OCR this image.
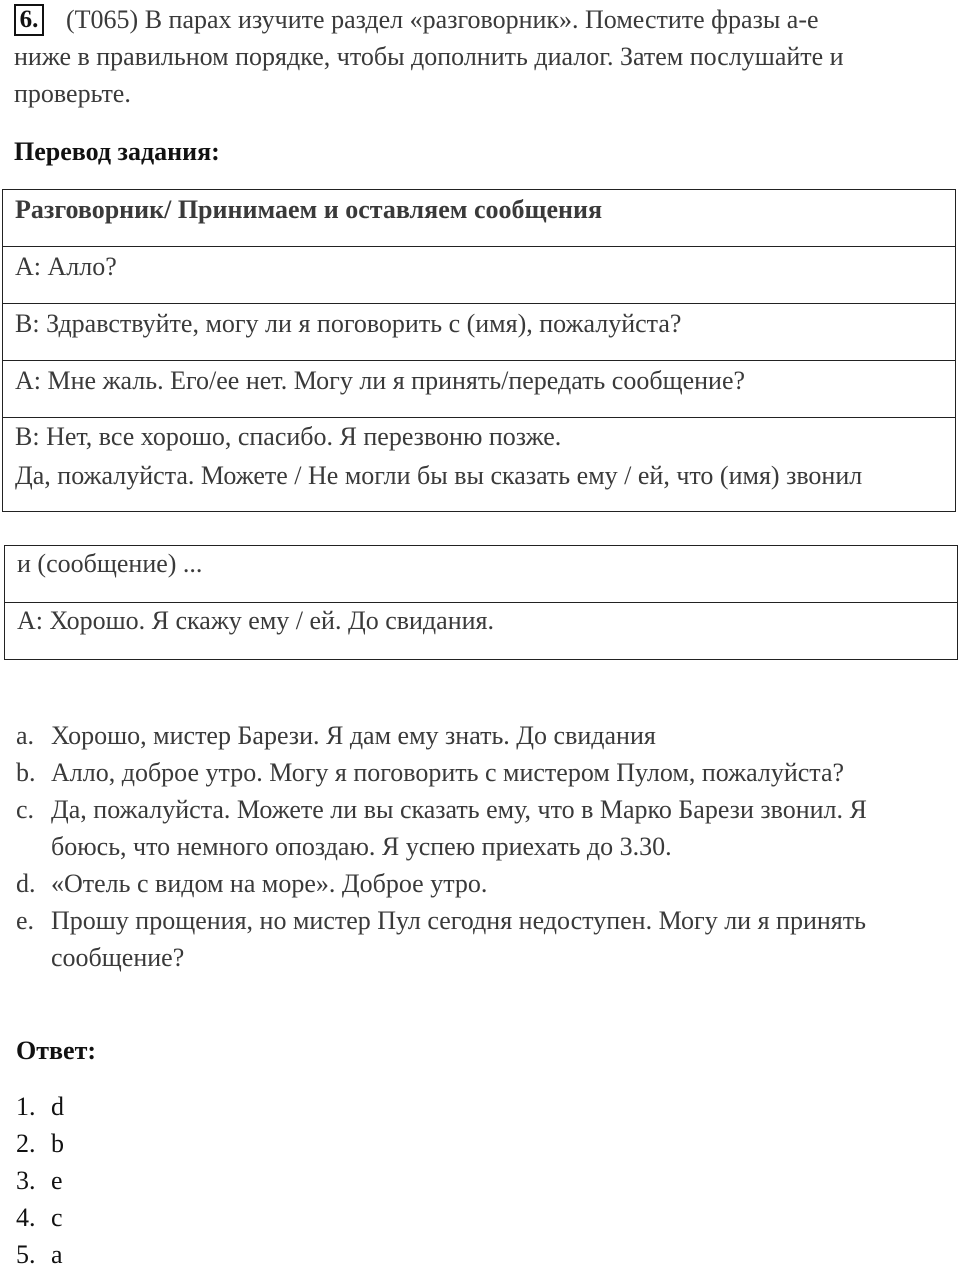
6. (T065) В парах изучите раздел «разговорник». Поместите фразы a-e
ниже в правильном порядке, чтобы дополнить диалог. Затем послушайте и
проверьте.
Перевод задания:
Разговорник/ Принимаем и оставляем сообщения
A: Алло?
B: Здравствуйте, могу ли я поговорить с (имя), пожалуйста?
A: Мне жаль. Его/ее нет. Могу ли я принять/передать сообщение?

B: Нет, все хорошо, спасибо. Я перезвоню позже.
Да, пожалуйста. Можете / Не могли бы вы сказать ему / ей, что (имя) звонил
и (сообщение) ...
A: Хорошо. Я скажу ему / ей. До свидания.
a. Хорошо, мистер Барези. Я дам ему знать. До свидания
b. Алло, доброе утро. Могу я поговорить с мистером Пулом, пожалуйста?
c. Да, пожалуйста. Можете ли вы сказать ему, что в Марко Барези звонил. Я
боюсь, что немного опоздаю. Я успею приехать до 3.30.
d. «Отель с видом на море». Доброе утро.
e. Прошу прощения, но мистер Пул сегодня недоступен. Могу ли я принять
сообщение?
Ответ:
1. d
2. b
3. e
4. c
5. a
